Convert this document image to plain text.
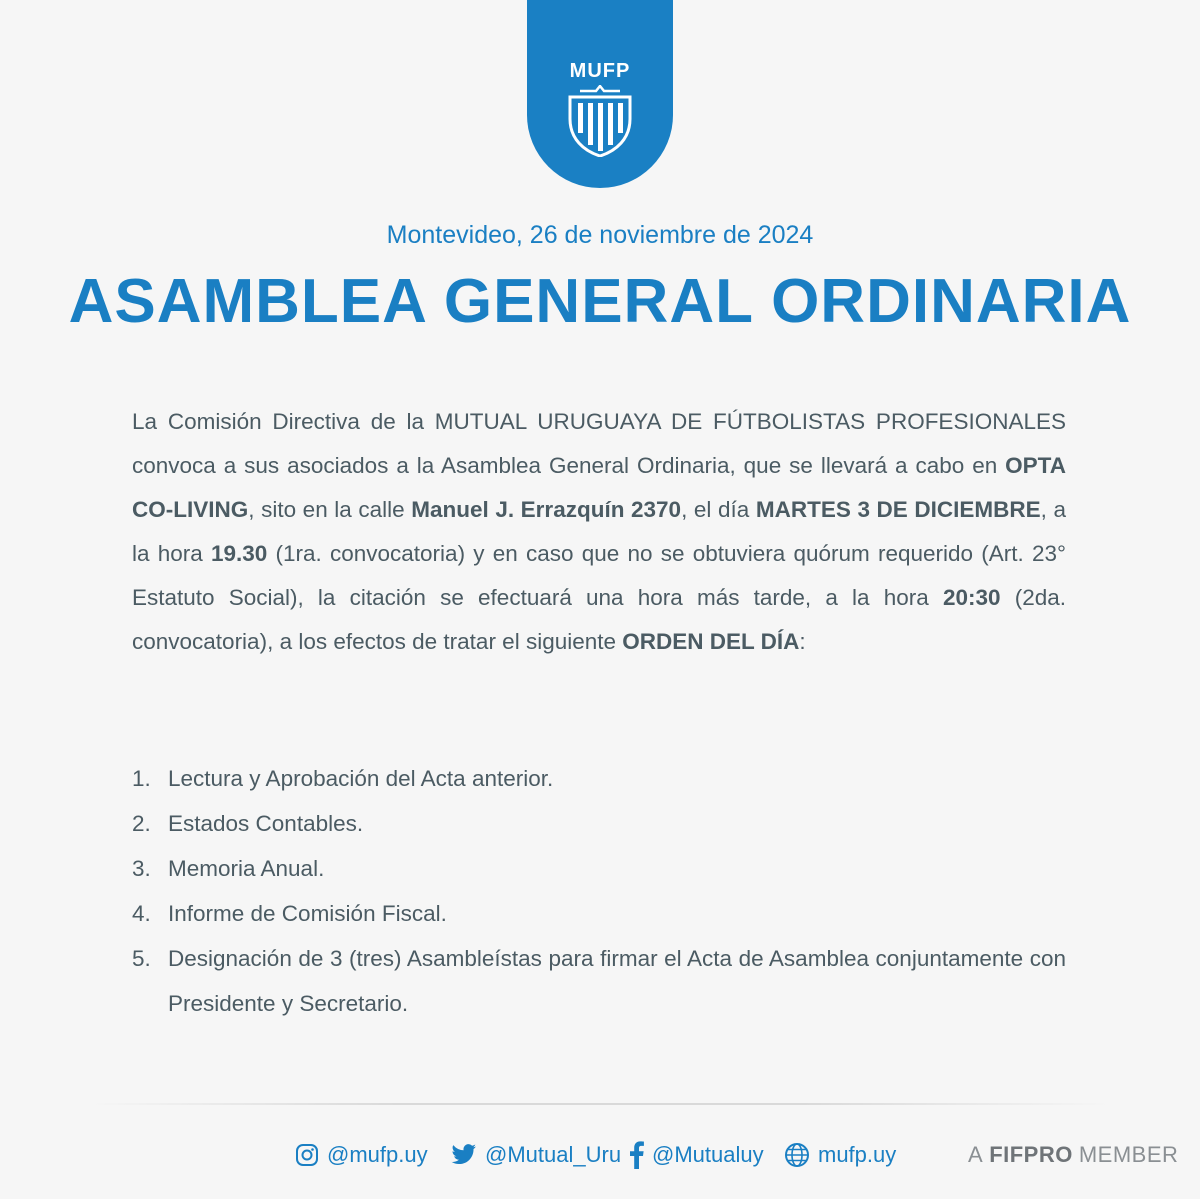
MUFP
Montevideo, 26 de noviembre de 2024
ASAMBLEA GENERAL ORDINARIA
La Comisión Directiva de la MUTUAL URUGUAYA DE FÚTBOLISTAS PROFESIONALES convoca a sus asociados a la Asamblea General Ordinaria, que se llevará a cabo en OPTA CO-LIVING, sito en la calle Manuel J. Errazquín 2370, el día MARTES 3 DE DICIEMBRE, a la hora 19.30 (1ra. convocatoria) y en caso que no se obtuviera quórum requerido (Art. 23° Estatuto Social), la citación se efectuará una hora más tarde, a la hora 20:30 (2da. convocatoria), a los efectos de tratar el siguiente ORDEN DEL DÍA:
1. Lectura y Aprobación del Acta anterior.
2. Estados Contables.
3. Memoria Anual.
4. Informe de Comisión Fiscal.
5. Designación de 3 (tres) Asambleístas para firmar el Acta de Asamblea conjuntamente con Presidente y Secretario.
@mufp.uy	@Mutual_Uru @Mutualuy mufp.uy	A FIFPRO MEMBER
